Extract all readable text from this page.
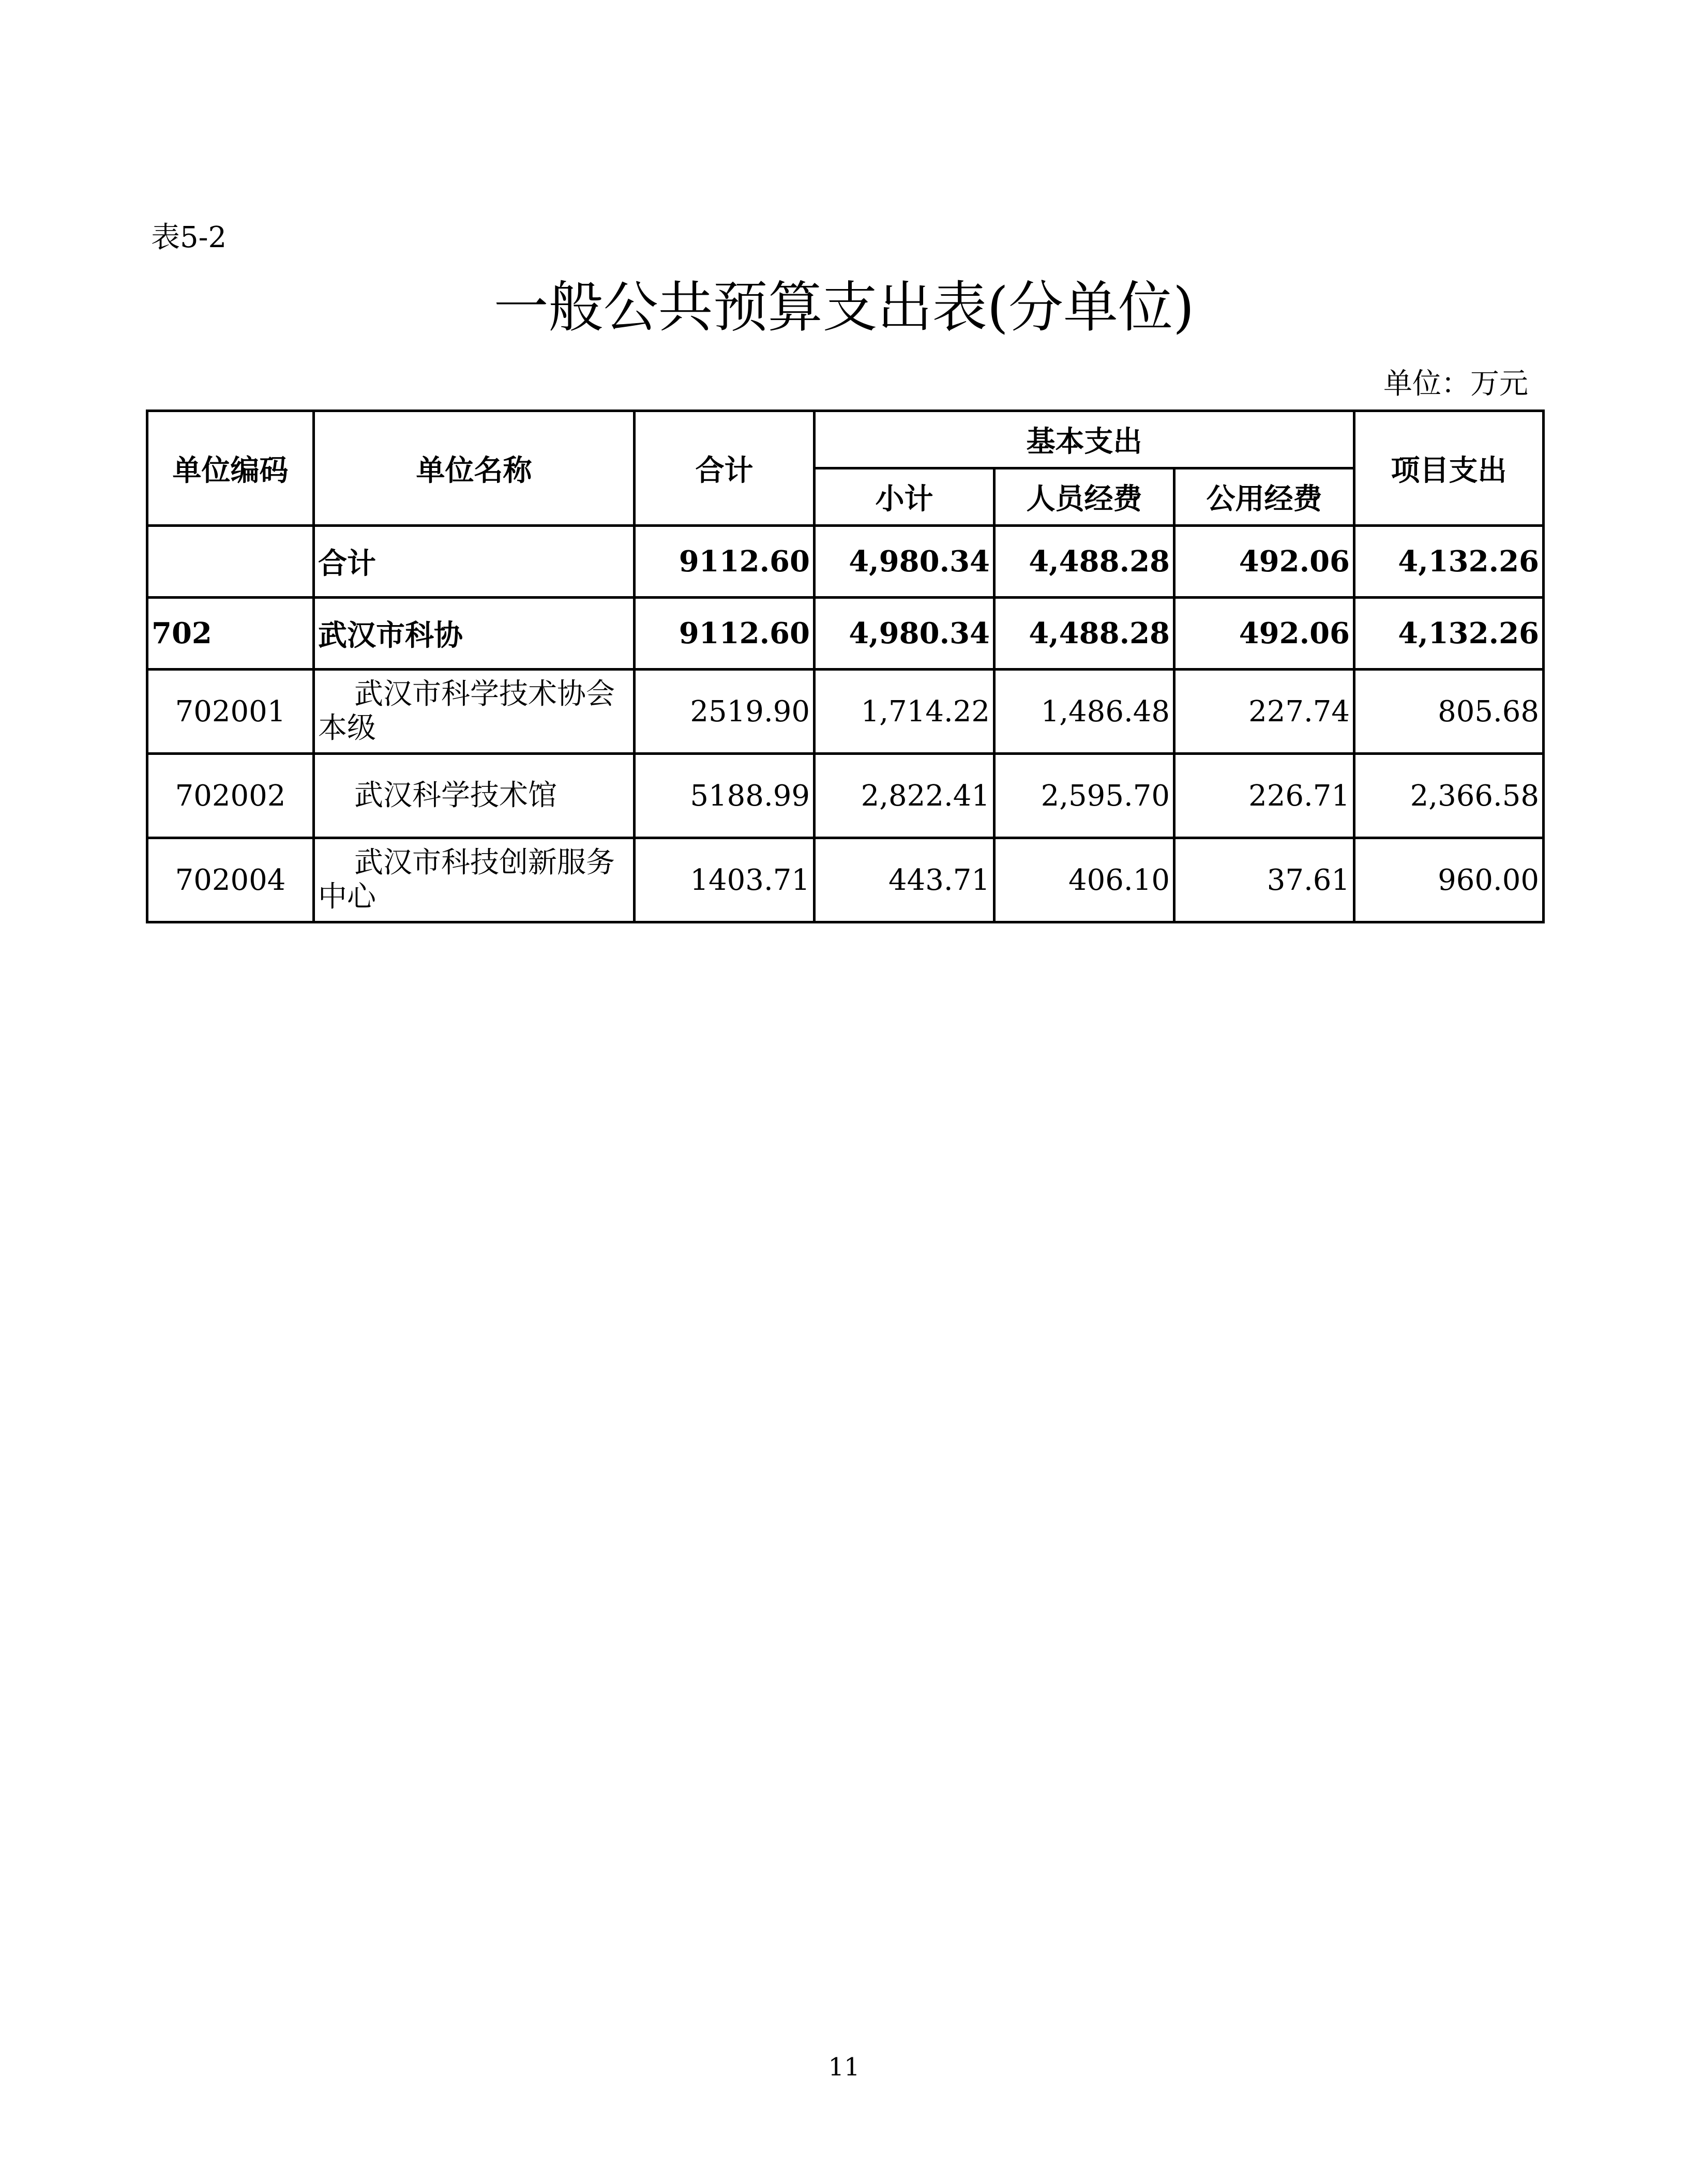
表5-2
一般公共预算支出表(分单位)
单位：万元
单位编码	单位名称	合计	基本支出			项目支出
			小计	人员经费	公用经费	
	合计	9112.60	4,980.34	4,488.28	492.06	4,132.26
702	武汉市科协	9112.60	4,980.34	4,488.28	492.06	4,132.26
702001	武汉市科学技术协会本级	2519.90	1,714.22	1,486.48	227.74	805.68
702002	武汉科学技术馆	5188.99	2,822.41	2,595.70	226.71	2,366.58
702004	武汉市科技创新服务中心	1403.71	443.71	406.10	37.61	960.00
11
